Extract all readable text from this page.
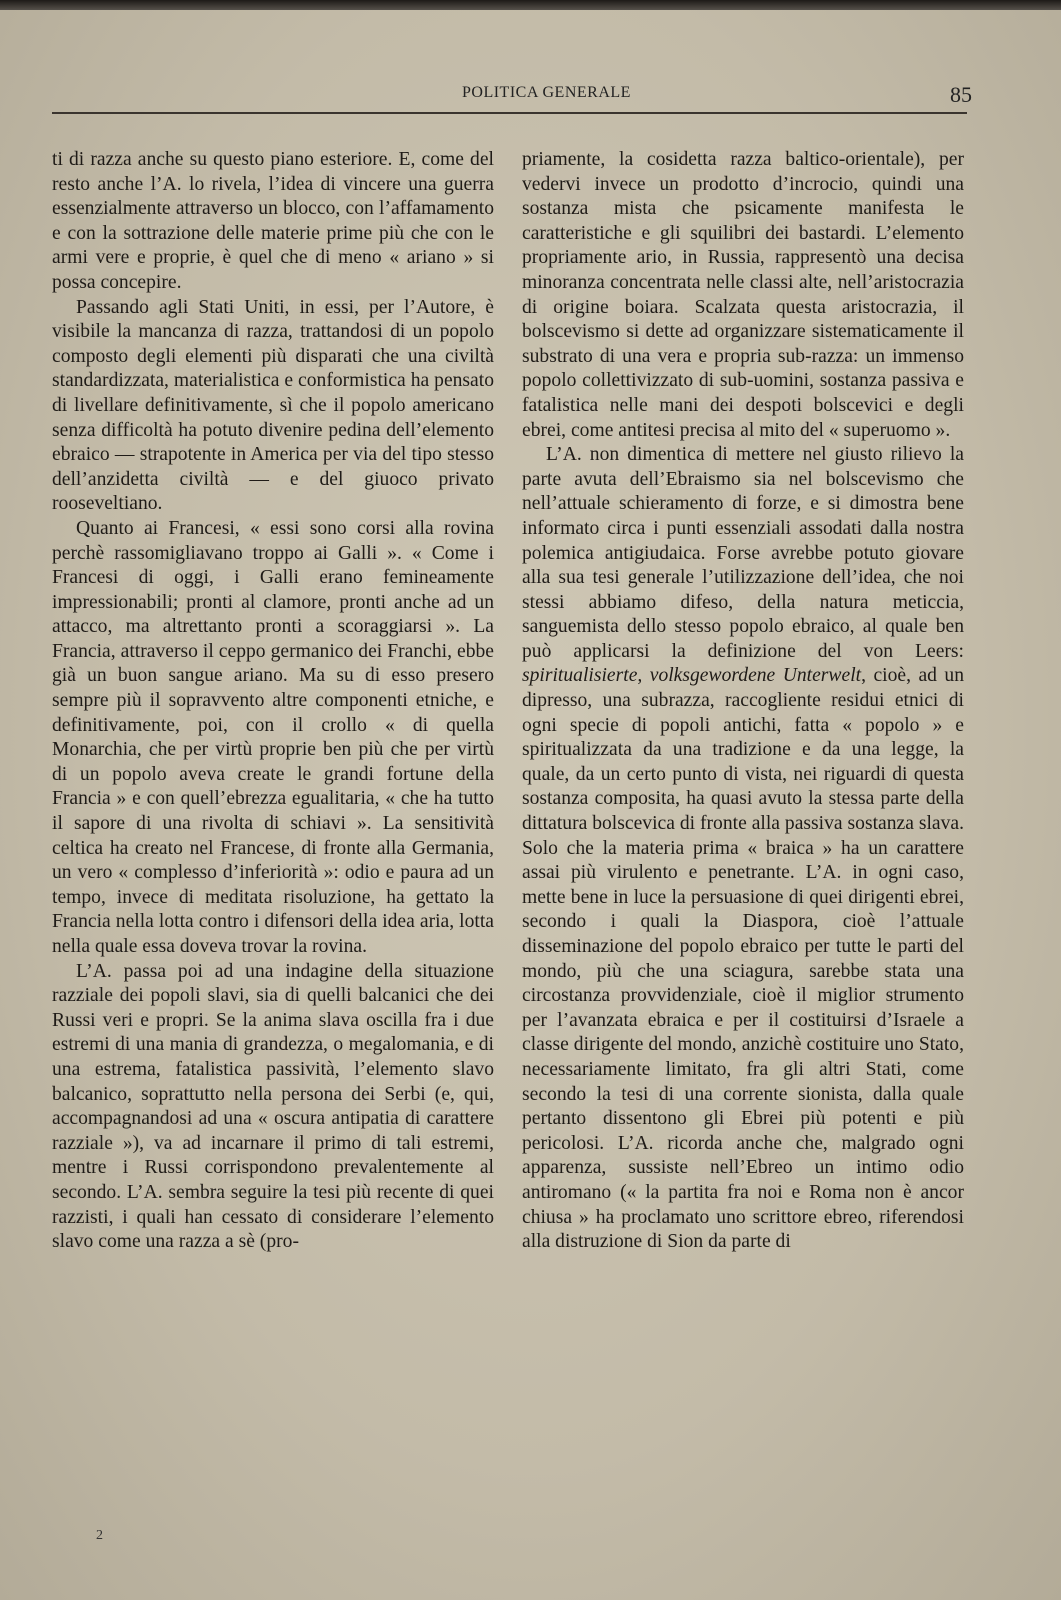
POLITICA GENERALE	85

ti di razza anche su questo piano esteriore. E, come del resto anche l’A. lo rivela, l’idea di vincere una guerra essenzialmente attraverso un blocco, con l’affamamento e con la sottrazione delle materie prime più che con le armi vere e proprie, è quel che di meno « ariano » si possa concepire.

Passando agli Stati Uniti, in essi, per l’Autore, è visibile la mancanza di razza, trattandosi di un popolo composto degli elementi più disparati che una civiltà standardizzata, materialistica e conformistica ha pensato di livellare definitivamente, sì che il popolo americano senza difficoltà ha potuto divenire pedina dell’elemento ebraico — strapotente in America per via del tipo stesso dell’anzidetta civiltà — e del giuoco privato rooseveltiano.

Quanto ai Francesi, « essi sono corsi alla rovina perchè rassomigliavano troppo ai Galli ». « Come i Francesi di oggi, i Galli erano femineamente impressionabili; pronti al clamore, pronti anche ad un attacco, ma altrettanto pronti a scoraggiarsi ». La Francia, attraverso il ceppo germanico dei Franchi, ebbe già un buon sangue ariano. Ma su di esso presero sempre più il sopravvento altre componenti etniche, e definitivamente, poi, con il crollo « di quella Monarchia, che per virtù proprie ben più che per virtù di un popolo aveva create le grandi fortune della Francia » e con quell’ebrezza egualitaria, « che ha tutto il sapore di una rivolta di schiavi ». La sensitività celtica ha creato nel Francese, di fronte alla Germania, un vero « complesso d’inferiorità »: odio e paura ad un tempo, invece di meditata risoluzione, ha gettato la Francia nella lotta contro i difensori della idea aria, lotta nella quale essa doveva trovar la rovina.

L’A. passa poi ad una indagine della situazione razziale dei popoli slavi, sia di quelli balcanici che dei Russi veri e propri. Se la anima slava oscilla fra i due estremi di una mania di grandezza, o megalomania, e di una estrema, fatalistica passività, l’elemento slavo balcanico, soprattutto nella persona dei Serbi (e, qui, accompagnandosi ad una « oscura antipatia di carattere razziale »), va ad incarnare il primo di tali estremi, mentre i Russi corrispondono prevalentemente al secondo. L’A. sembra seguire la tesi più recente di quei razzisti, i quali han cessato di considerare l’elemento slavo come una razza a sè (pro-

priamente, la cosidetta razza baltico-orientale), per vedervi invece un prodotto d’incrocio, quindi una sostanza mista che psicamente manifesta le caratteristiche e gli squilibri dei bastardi. L’elemento propriamente ario, in Russia, rappresentò una decisa minoranza concentrata nelle classi alte, nell’aristocrazia di origine boiara. Scalzata questa aristocrazia, il bolscevismo si dette ad organizzare sistematicamente il substrato di una vera e propria sub-razza: un immenso popolo collettivizzato di sub-uomini, sostanza passiva e fatalistica nelle mani dei despoti bolscevici e degli ebrei, come antitesi precisa al mito del « superuomo ».

L’A. non dimentica di mettere nel giusto rilievo la parte avuta dell’Ebraismo sia nel bolscevismo che nell’attuale schieramento di forze, e si dimostra bene informato circa i punti essenziali assodati dalla nostra polemica antigiudaica. Forse avrebbe potuto giovare alla sua tesi generale l’utilizzazione dell’idea, che noi stessi abbiamo difeso, della natura meticcia, sanguemista dello stesso popolo ebraico, al quale ben può applicarsi la definizione del von Leers: spiritualisierte, volksgewordene Unterwelt, cioè, ad un dipresso, una subrazza, raccogliente residui etnici di ogni specie di popoli antichi, fatta « popolo » e spiritualizzata da una tradizione e da una legge, la quale, da un certo punto di vista, nei riguardi di questa sostanza composita, ha quasi avuto la stessa parte della dittatura bolscevica di fronte alla passiva sostanza slava. Solo che la materia prima « braica » ha un carattere assai più virulento e penetrante. L’A. in ogni caso, mette bene in luce la persuasione di quei dirigenti ebrei, secondo i quali la Diaspora, cioè l’attuale disseminazione del popolo ebraico per tutte le parti del mondo, più che una sciagura, sarebbe stata una circostanza provvidenziale, cioè il miglior strumento per l’avanzata ebraica e per il costituirsi d’Israele a classe dirigente del mondo, anzichè costituire uno Stato, necessariamente limitato, fra gli altri Stati, come secondo la tesi di una corrente sionista, dalla quale pertanto dissentono gli Ebrei più potenti e più pericolosi. L’A. ricorda anche che, malgrado ogni apparenza, sussiste nell’Ebreo un intimo odio antiromano (« la partita fra noi e Roma non è ancor chiusa » ha proclamato uno scrittore ebreo, riferendosi alla distruzione di Sion da parte di

2
